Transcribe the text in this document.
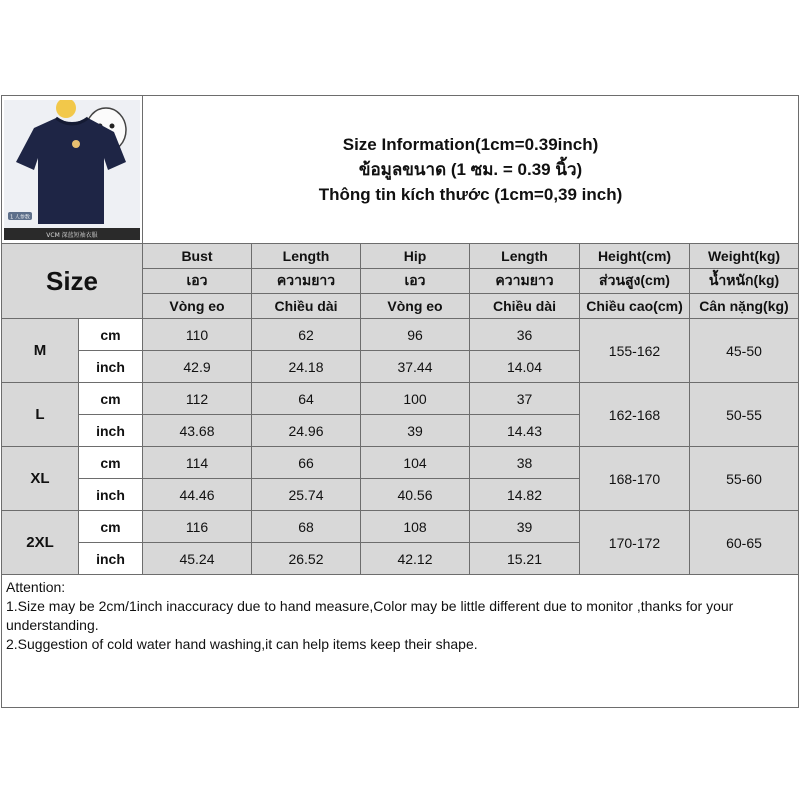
1 人参数
VCM 深蓝短袖衣服		Size Information(1cm=0.39inch)
ข้อมูลขนาด (1 ซม. = 0.39 นิ้ว)
Thông tin kích thước (1cm=0,39 inch)					

Size		Bust	Length	Hip	Length	Height(cm)	Weight(kg)
		เอว	ความยาว	เอว	ความยาว	ส่วนสูง(cm)	น้ำหนัก(kg)
		Vòng eo	Chiều dài	Vòng eo	Chiều dài	Chiều cao(cm)	Cân nặng(kg)
M	cm	110	62	96	36	155-162	45-50
	inch	42.9	24.18	37.44	14.04		
L	cm	112	64	100	37	162-168	50-55
	inch	43.68	24.96	39	14.43		
XL	cm	114	66	104	38	168-170	55-60
	inch	44.46	25.74	40.56	14.82		
2XL	cm	116	68	108	39	170-172	60-65
	inch	45.24	26.52	42.12	15.21		

Attention:
1.Size may be 2cm/1inch inaccuracy due to hand measure,Color may be little different due to monitor ,thanks for your understanding.
2.Suggestion of cold water hand washing,it can help items keep their shape.							
